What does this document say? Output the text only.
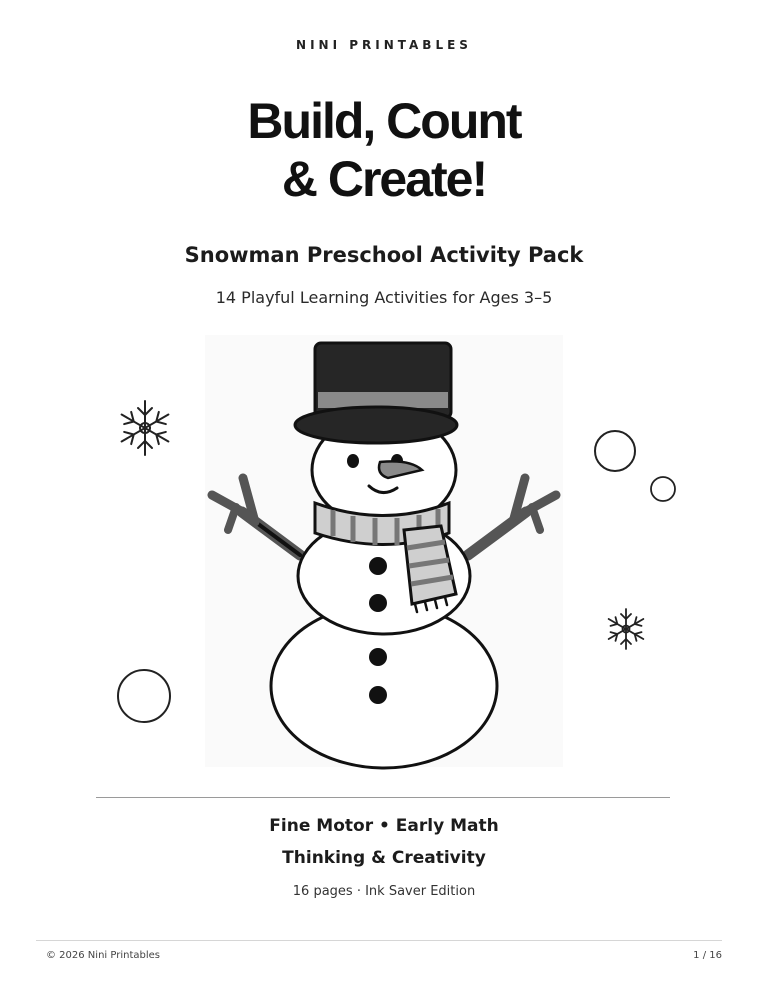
NINI PRINTABLES
Build, Count
& Create!
Snowman Preschool Activity Pack
14 Playful Learning Activities for Ages 3–5
Fine Motor • Early Math
Thinking & Creativity
16 pages · Ink Saver Edition
© 2026 Nini Printables	1 / 16
